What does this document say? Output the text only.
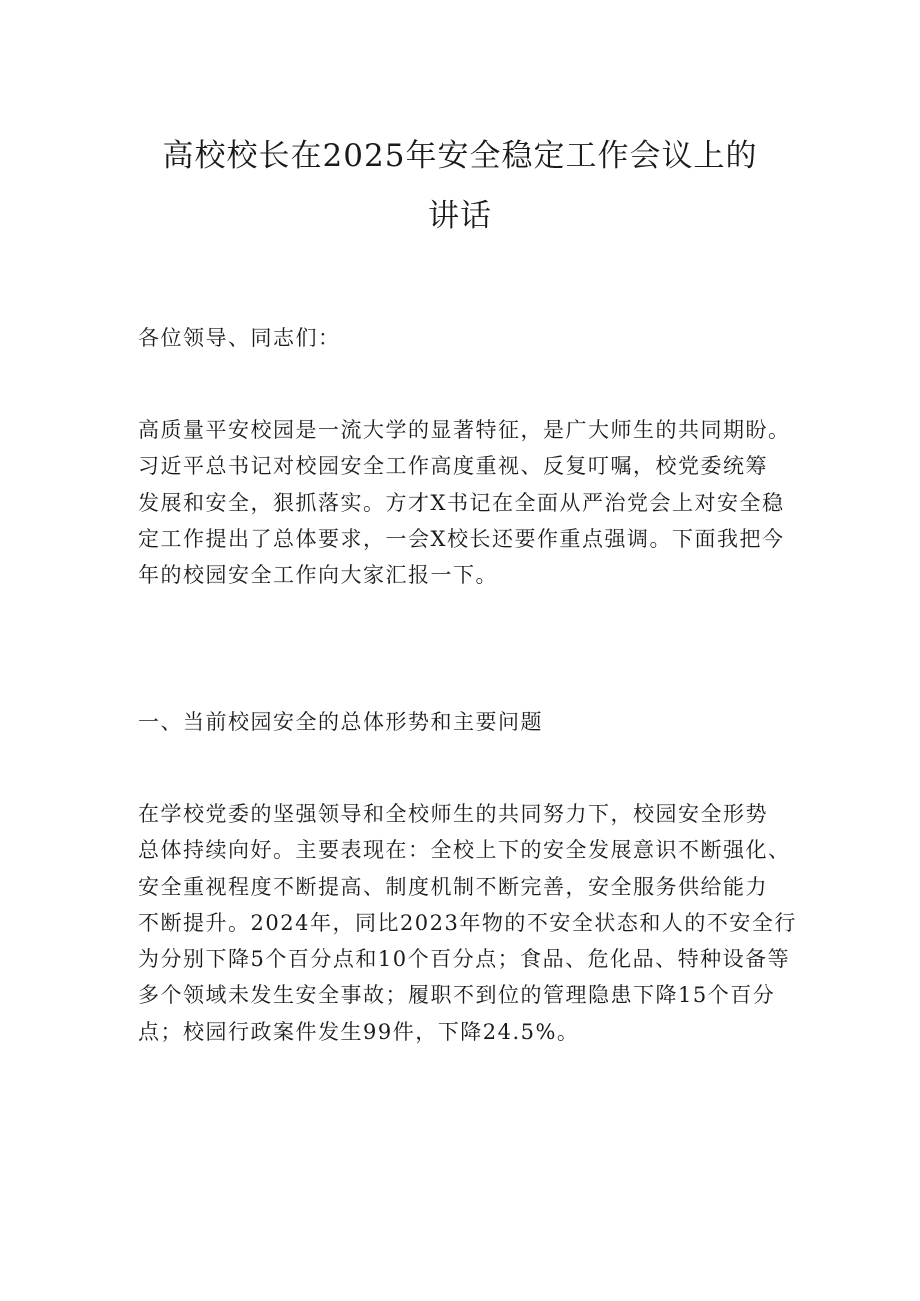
高校校长在2025年安全稳定工作会议上的
讲话
各位领导、同志们：
高质量平安校园是一流大学的显著特征，是广大师生的共同期盼。
习近平总书记对校园安全工作高度重视、反复叮嘱，校党委统筹
发展和安全，狠抓落实。方才X书记在全面从严治党会上对安全稳
定工作提出了总体要求，一会X校长还要作重点强调。下面我把今
年的校园安全工作向大家汇报一下。
一、当前校园安全的总体形势和主要问题
在学校党委的坚强领导和全校师生的共同努力下，校园安全形势
总体持续向好。主要表现在：全校上下的安全发展意识不断强化、
安全重视程度不断提高、制度机制不断完善，安全服务供给能力
不断提升。2024年，同比2023年物的不安全状态和人的不安全行
为分别下降5个百分点和10个百分点；食品、危化品、特种设备等
多个领域未发生安全事故；履职不到位的管理隐患下降15个百分
点；校园行政案件发生99件，下降24.5%。
